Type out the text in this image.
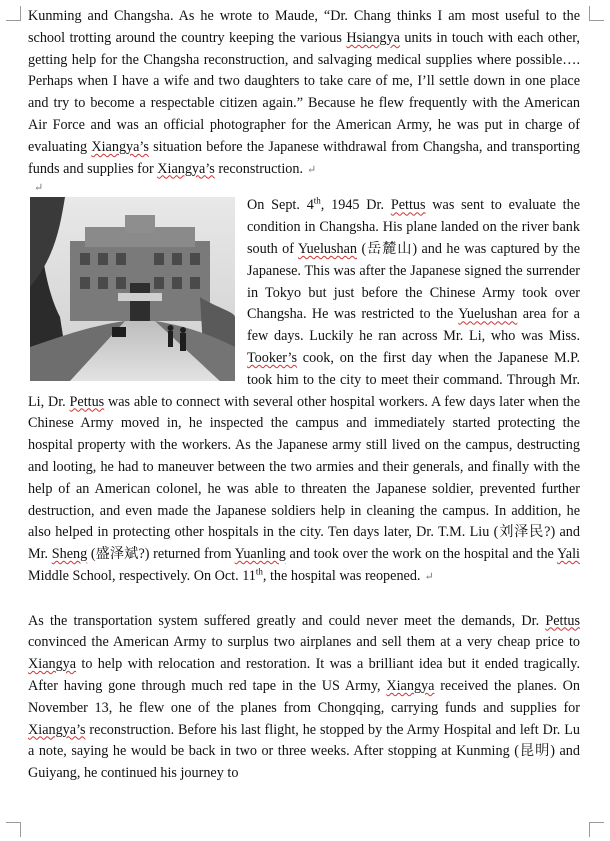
Kunming and Changsha. As he wrote to Maude, “Dr. Chang thinks I am most useful to the school trotting around the country keeping the various Hsiangya units in touch with each other, getting help for the Changsha reconstruction, and salvaging medical supplies where possible…. Perhaps when I have a wife and two daughters to take care of me, I’ll settle down in one place and try to become a respectable citizen again.” Because he flew frequently with the American Air Force and was an official photographer for the American Army, he was put in charge of evaluating Xiangya’s situation before the Japanese withdrawal from Changsha, and transporting funds and supplies for Xiangya’s reconstruction. ↵

↵

On Sept. 4th, 1945 Dr. Pettus was sent to evaluate the condition in Changsha. His plane landed on the river bank south of Yuelushan (岳麓山) and he was captured by the Japanese. This was after the Japanese signed the surrender in Tokyo but just before the Chinese Army took over Changsha. He was restricted to the Yuelushan area for a few days. Luckily he ran across Mr. Li, who was Miss. Tooker’s cook, on the first day when the Japanese M.P. took him to the city to meet their command. Through Mr. Li, Dr. Pettus was able to connect with several other hospital workers. A few days later when the Chinese Army moved in, he inspected the campus and immediately started protecting the hospital property with the workers. As the Japanese army still lived on the campus, destructing and looting, he had to maneuver between the two armies and their generals, and finally with the help of an American colonel, he was able to threaten the Japanese soldier, prevented further destruction, and even made the Japanese soldiers help in cleaning the campus. In addition, he also helped in protecting other hospitals in the city. Ten days later, Dr. T.M. Liu (刘泽民?) and Mr. Sheng (盛泽斌?) returned from Yuanling and took over the work on the hospital and the Yali Middle School, respectively. On Oct. 11th, the hospital was reopened. ↵

As the transportation system suffered greatly and could never meet the demands, Dr. Pettus convinced the American Army to surplus two airplanes and sell them at a very cheap price to Xiangya to help with relocation and restoration. It was a brilliant idea but it ended tragically. After having gone through much red tape in the US Army, Xiangya received the planes. On November 13, he flew one of the planes from Chongqing, carrying funds and supplies for Xiangya’s reconstruction. Before his last flight, he stopped by the Army Hospital and left Dr. Lu a note, saying he would be back in two or three weeks. After stopping at Kunming (昆明) and Guiyang, he continued his journey to
